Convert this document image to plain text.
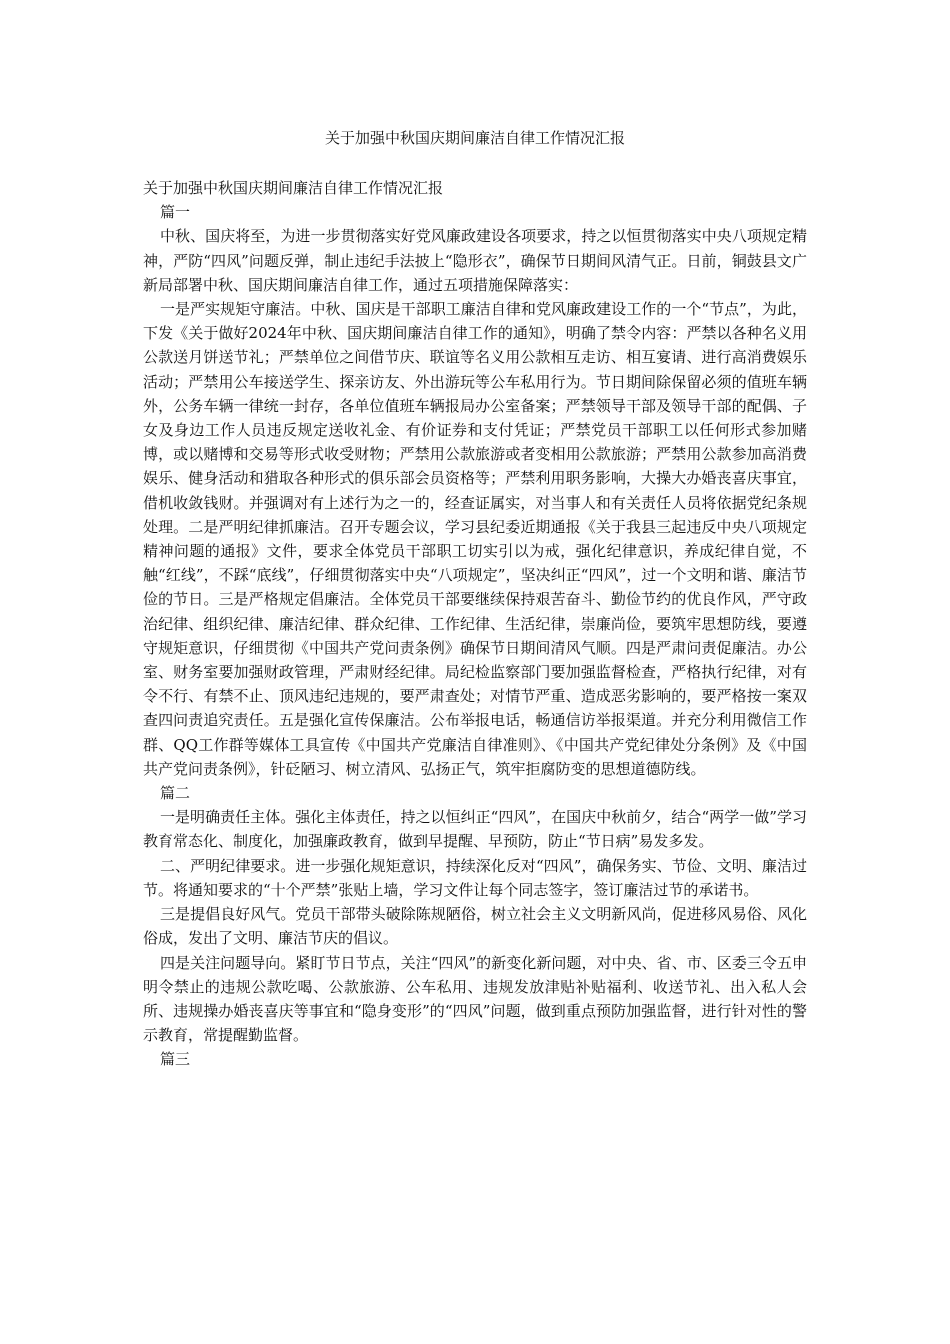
关于加强中秋国庆期间廉洁自律工作情况汇报

关于加强中秋国庆期间廉洁自律工作情况汇报

篇一

中秋、国庆将至，为进一步贯彻落实好党风廉政建设各项要求，持之以恒贯彻落实中央八项规定精神，严防“四风”问题反弹，制止违纪手法披上“隐形衣”，确保节日期间风清气正。日前，铜鼓县文广新局部署中秋、国庆期间廉洁自律工作，通过五项措施保障落实：

一是严实规矩守廉洁。中秋、国庆是干部职工廉洁自律和党风廉政建设工作的一个“节点”，为此，下发《关于做好2024年中秋、国庆期间廉洁自律工作的通知》，明确了禁令内容：严禁以各种名义用公款送月饼送节礼；严禁单位之间借节庆、联谊等名义用公款相互走访、相互宴请、进行高消费娱乐活动；严禁用公车接送学生、探亲访友、外出游玩等公车私用行为。节日期间除保留必须的值班车辆外，公务车辆一律统一封存，各单位值班车辆报局办公室备案；严禁领导干部及领导干部的配偶、子女及身边工作人员违反规定送收礼金、有价证券和支付凭证；严禁党员干部职工以任何形式参加赌博，或以赌博和交易等形式收受财物；严禁用公款旅游或者变相用公款旅游；严禁用公款参加高消费娱乐、健身活动和猎取各种形式的俱乐部会员资格等；严禁利用职务影响，大操大办婚丧喜庆事宜，借机收敛钱财。并强调对有上述行为之一的，经查证属实，对当事人和有关责任人员将依据党纪条规处理。二是严明纪律抓廉洁。召开专题会议，学习县纪委近期通报《关于我县三起违反中央八项规定精神问题的通报》文件，要求全体党员干部职工切实引以为戒，强化纪律意识，养成纪律自觉，不触“红线”，不踩“底线”，仔细贯彻落实中央“八项规定”，坚决纠正“四风”，过一个文明和谐、廉洁节俭的节日。三是严格规定倡廉洁。全体党员干部要继续保持艰苦奋斗、勤俭节约的优良作风，严守政治纪律、组织纪律、廉洁纪律、群众纪律、工作纪律、生活纪律，崇廉尚俭，要筑牢思想防线，要遵守规矩意识，仔细贯彻《中国共产党问责条例》确保节日期间清风气顺。四是严肃问责促廉洁。办公室、财务室要加强财政管理，严肃财经纪律。局纪检监察部门要加强监督检查，严格执行纪律，对有令不行、有禁不止、顶风违纪违规的，要严肃查处；对情节严重、造成恶劣影响的，要严格按一案双查四问责追究责任。五是强化宣传保廉洁。公布举报电话，畅通信访举报渠道。并充分利用微信工作群、QQ工作群等媒体工具宣传《中国共产党廉洁自律准则》、《中国共产党纪律处分条例》及《中国共产党问责条例》，针砭陋习、树立清风、弘扬正气，筑牢拒腐防变的思想道德防线。

篇二

一是明确责任主体。强化主体责任，持之以恒纠正“四风”，在国庆中秋前夕，结合“两学一做”学习教育常态化、制度化，加强廉政教育，做到早提醒、早预防，防止“节日病”易发多发。

二、严明纪律要求。进一步强化规矩意识，持续深化反对“四风”，确保务实、节俭、文明、廉洁过节。将通知要求的“十个严禁”张贴上墙，学习文件让每个同志签字，签订廉洁过节的承诺书。

三是提倡良好风气。党员干部带头破除陈规陋俗，树立社会主义文明新风尚，促进移风易俗、风化俗成，发出了文明、廉洁节庆的倡议。

四是关注问题导向。紧盯节日节点，关注“四风”的新变化新问题，对中央、省、市、区委三令五申明令禁止的违规公款吃喝、公款旅游、公车私用、违规发放津贴补贴福利、收送节礼、出入私人会所、违规操办婚丧喜庆等事宜和“隐身变形”的“四风”问题，做到重点预防加强监督，进行针对性的警示教育，常提醒勤监督。

篇三
